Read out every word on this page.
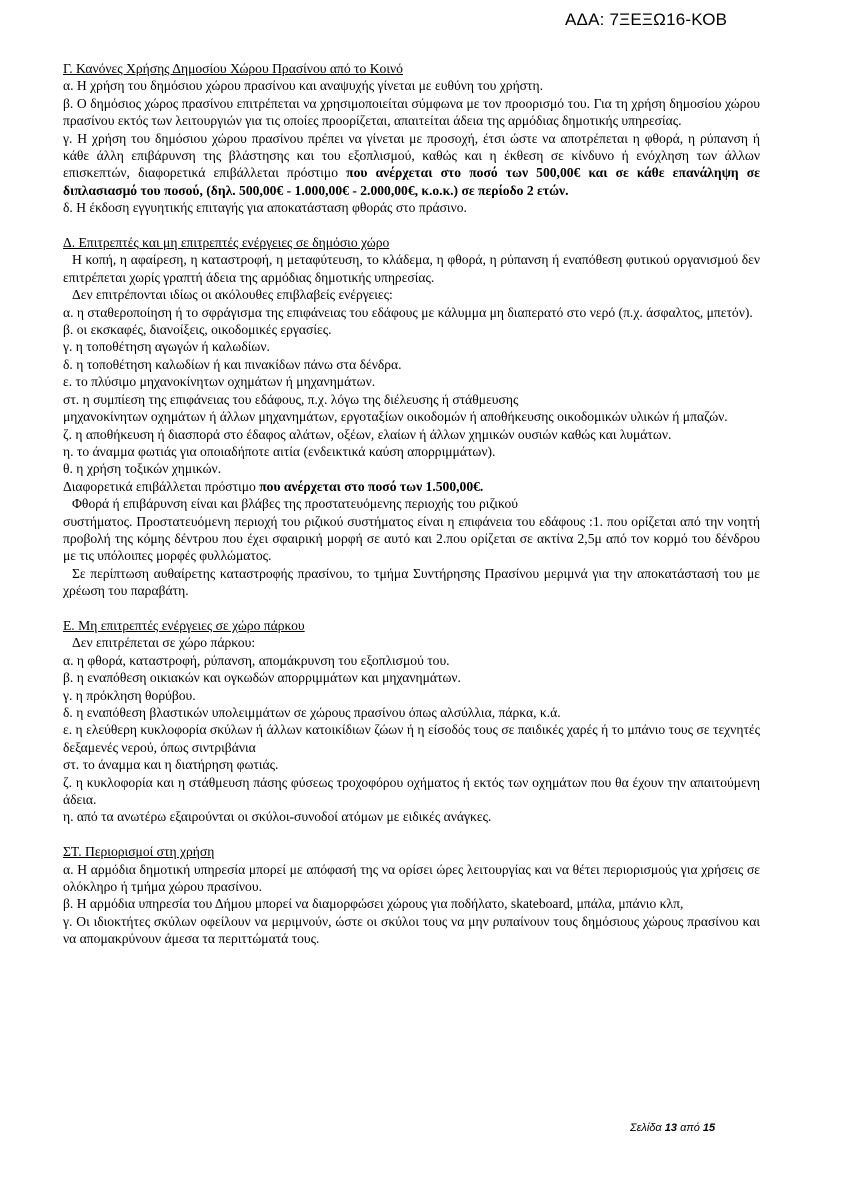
ΑΔΑ: 7ΞΕΞΩ16-ΚΟΒ

Γ. Κανόνες Χρήσης Δημοσίου Χώρου Πρασίνου από το Κοινό

α. Η χρήση του δημόσιου χώρου πρασίνου και αναψυχής γίνεται με ευθύνη του χρήστη.

β. Ο δημόσιος χώρος πρασίνου επιτρέπεται να χρησιμοποιείται σύμφωνα με τον προορισμό του. Για τη χρήση δημοσίου χώρου πρασίνου εκτός των λειτουργιών για τις οποίες προορίζεται, απαιτείται άδεια της αρμόδιας δημοτικής υπηρεσίας.

γ. Η χρήση του δημόσιου χώρου πρασίνου πρέπει να γίνεται με προσοχή, έτσι ώστε να αποτρέπεται η φθορά, η ρύπανση ή κάθε άλλη επιβάρυνση της βλάστησης και του εξοπλισμού, καθώς και η έκθεση σε κίνδυνο ή ενόχληση των άλλων επισκεπτών, διαφορετικά επιβάλλεται πρόστιμο που ανέρχεται στο ποσό των 500,00€ και σε κάθε επανάληψη σε διπλασιασμό του ποσού, (δηλ. 500,00€ - 1.000,00€ - 2.000,00€, κ.ο.κ.) σε περίοδο 2 ετών.

δ. Η έκδοση εγγυητικής επιταγής για αποκατάσταση φθοράς στο πράσινο.

Δ. Επιτρεπτές και μη επιτρεπτές ενέργειες σε δημόσιο χώρο

Η κοπή, η αφαίρεση, η καταστροφή, η μεταφύτευση, το κλάδεμα, η φθορά, η ρύπανση ή εναπόθεση φυτικού οργανισμού δεν επιτρέπεται χωρίς γραπτή άδεια της αρμόδιας δημοτικής υπηρεσίας.

Δεν επιτρέπονται ιδίως οι ακόλουθες επιβλαβείς ενέργειες:

α. η σταθεροποίηση ή το σφράγισμα της επιφάνειας του εδάφους με κάλυμμα μη διαπερατό στο νερό (π.χ. άσφαλτος, μπετόν).

β. οι εκσκαφές, διανοίξεις, οικοδομικές εργασίες.

γ. η τοποθέτηση αγωγών ή καλωδίων.

δ. η τοποθέτηση καλωδίων ή και πινακίδων πάνω στα δένδρα.

ε. το πλύσιμο μηχανοκίνητων οχημάτων ή μηχανημάτων.

στ. η συμπίεση της επιφάνειας του εδάφους, π.χ. λόγω της διέλευσης ή στάθμευσης

μηχανοκίνητων οχημάτων ή άλλων μηχανημάτων, εργοταξίων οικοδομών ή αποθήκευσης οικοδομικών υλικών ή μπαζών.

ζ. η αποθήκευση ή διασπορά στο έδαφος αλάτων, οξέων, ελαίων ή άλλων χημικών ουσιών καθώς και λυμάτων.

η. το άναμμα φωτιάς για οποιαδήποτε αιτία (ενδεικτικά καύση απορριμμάτων).

θ. η χρήση τοξικών χημικών.

Διαφορετικά επιβάλλεται πρόστιμο που ανέρχεται στο ποσό των 1.500,00€.

Φθορά ή επιβάρυνση είναι και βλάβες της προστατευόμενης περιοχής του ριζικού

συστήματος. Προστατευόμενη περιοχή του ριζικού συστήματος είναι η επιφάνεια του εδάφους :1. που ορίζεται από την νοητή προβολή της κόμης δέντρου που έχει σφαιρική μορφή σε αυτό και 2.που ορίζεται σε ακτίνα 2,5μ από τον κορμό του δένδρου με τις υπόλοιπες μορφές φυλλώματος.

Σε περίπτωση αυθαίρετης καταστροφής πρασίνου, το τμήμα Συντήρησης Πρασίνου μεριμνά για την αποκατάστασή του με χρέωση του παραβάτη.

Ε. Μη επιτρεπτές ενέργειες σε χώρο πάρκου

Δεν επιτρέπεται σε χώρο πάρκου:

α. η φθορά, καταστροφή, ρύπανση, απομάκρυνση του εξοπλισμού του.

β. η εναπόθεση οικιακών και ογκωδών απορριμμάτων και μηχανημάτων.

γ. η πρόκληση θορύβου.

δ. η εναπόθεση βλαστικών υπολειμμάτων σε χώρους πρασίνου όπως αλσύλλια, πάρκα, κ.ά.

ε. η ελεύθερη κυκλοφορία σκύλων ή άλλων κατοικίδιων ζώων ή η είσοδός τους σε παιδικές χαρές ή το μπάνιο τους σε τεχνητές δεξαμενές νερού, όπως σιντριβάνια

στ. το άναμμα και η διατήρηση φωτιάς.

ζ. η κυκλοφορία και η στάθμευση πάσης φύσεως τροχοφόρου οχήματος ή εκτός των οχημάτων που θα έχουν την απαιτούμενη άδεια.

η. από τα ανωτέρω εξαιρούνται οι σκύλοι-συνοδοί ατόμων με ειδικές ανάγκες.

ΣΤ. Περιορισμοί στη χρήση

α. Η αρμόδια δημοτική υπηρεσία μπορεί με απόφασή της να ορίσει ώρες λειτουργίας και να θέτει περιορισμούς για χρήσεις σε ολόκληρο ή τμήμα χώρου πρασίνου.

β. Η αρμόδια υπηρεσία του Δήμου μπορεί να διαμορφώσει χώρους για ποδήλατο, skateboard, μπάλα, μπάνιο κλπ,

γ. Οι ιδιοκτήτες σκύλων οφείλουν να μεριμνούν, ώστε οι σκύλοι τους να μην ρυπαίνουν τους δημόσιους χώρους πρασίνου και να απομακρύνουν άμεσα τα περιττώματά τους.

Σελίδα 13 από 15
